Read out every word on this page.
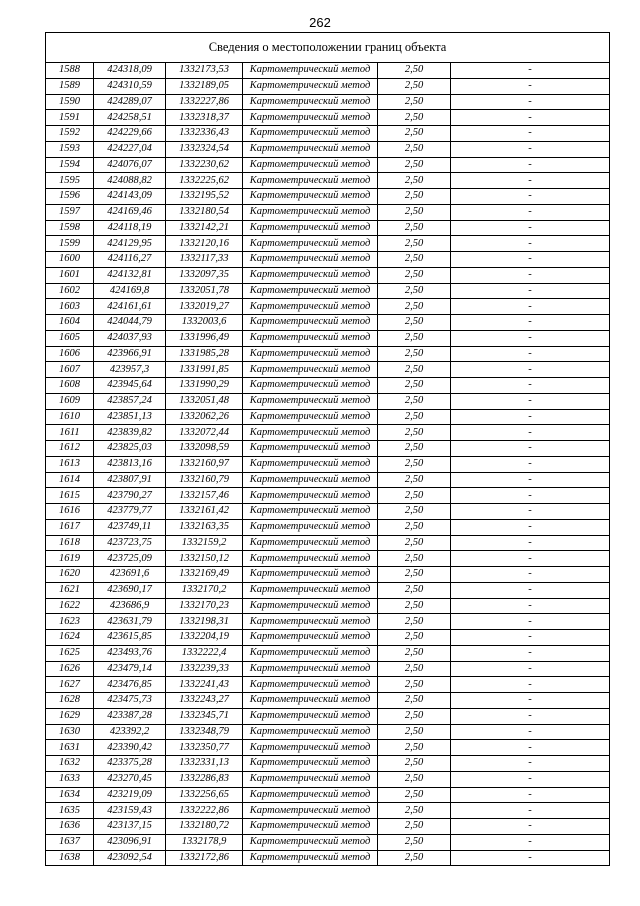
262
Сведения о местоположении границ объекта					
1588	424318,09	1332173,53	Картометрический метод	2,50	-
1589	424310,59	1332189,05	Картометрический метод	2,50	-
1590	424289,07	1332227,86	Картометрический метод	2,50	-
1591	424258,51	1332318,37	Картометрический метод	2,50	-
1592	424229,66	1332336,43	Картометрический метод	2,50	-
1593	424227,04	1332324,54	Картометрический метод	2,50	-
1594	424076,07	1332230,62	Картометрический метод	2,50	-
1595	424088,82	1332225,62	Картометрический метод	2,50	-
1596	424143,09	1332195,52	Картометрический метод	2,50	-
1597	424169,46	1332180,54	Картометрический метод	2,50	-
1598	424118,19	1332142,21	Картометрический метод	2,50	-
1599	424129,95	1332120,16	Картометрический метод	2,50	-
1600	424116,27	1332117,33	Картометрический метод	2,50	-
1601	424132,81	1332097,35	Картометрический метод	2,50	-
1602	424169,8	1332051,78	Картометрический метод	2,50	-
1603	424161,61	1332019,27	Картометрический метод	2,50	-
1604	424044,79	1332003,6	Картометрический метод	2,50	-
1605	424037,93	1331996,49	Картометрический метод	2,50	-
1606	423966,91	1331985,28	Картометрический метод	2,50	-
1607	423957,3	1331991,85	Картометрический метод	2,50	-
1608	423945,64	1331990,29	Картометрический метод	2,50	-
1609	423857,24	1332051,48	Картометрический метод	2,50	-
1610	423851,13	1332062,26	Картометрический метод	2,50	-
1611	423839,82	1332072,44	Картометрический метод	2,50	-
1612	423825,03	1332098,59	Картометрический метод	2,50	-
1613	423813,16	1332160,97	Картометрический метод	2,50	-
1614	423807,91	1332160,79	Картометрический метод	2,50	-
1615	423790,27	1332157,46	Картометрический метод	2,50	-
1616	423779,77	1332161,42	Картометрический метод	2,50	-
1617	423749,11	1332163,35	Картометрический метод	2,50	-
1618	423723,75	1332159,2	Картометрический метод	2,50	-
1619	423725,09	1332150,12	Картометрический метод	2,50	-
1620	423691,6	1332169,49	Картометрический метод	2,50	-
1621	423690,17	1332170,2	Картометрический метод	2,50	-
1622	423686,9	1332170,23	Картометрический метод	2,50	-
1623	423631,79	1332198,31	Картометрический метод	2,50	-
1624	423615,85	1332204,19	Картометрический метод	2,50	-
1625	423493,76	1332222,4	Картометрический метод	2,50	-
1626	423479,14	1332239,33	Картометрический метод	2,50	-
1627	423476,85	1332241,43	Картометрический метод	2,50	-
1628	423475,73	1332243,27	Картометрический метод	2,50	-
1629	423387,28	1332345,71	Картометрический метод	2,50	-
1630	423392,2	1332348,79	Картометрический метод	2,50	-
1631	423390,42	1332350,77	Картометрический метод	2,50	-
1632	423375,28	1332331,13	Картометрический метод	2,50	-
1633	423270,45	1332286,83	Картометрический метод	2,50	-
1634	423219,09	1332256,65	Картометрический метод	2,50	-
1635	423159,43	1332222,86	Картометрический метод	2,50	-
1636	423137,15	1332180,72	Картометрический метод	2,50	-
1637	423096,91	1332178,9	Картометрический метод	2,50	-
1638	423092,54	1332172,86	Картометрический метод	2,50	-
